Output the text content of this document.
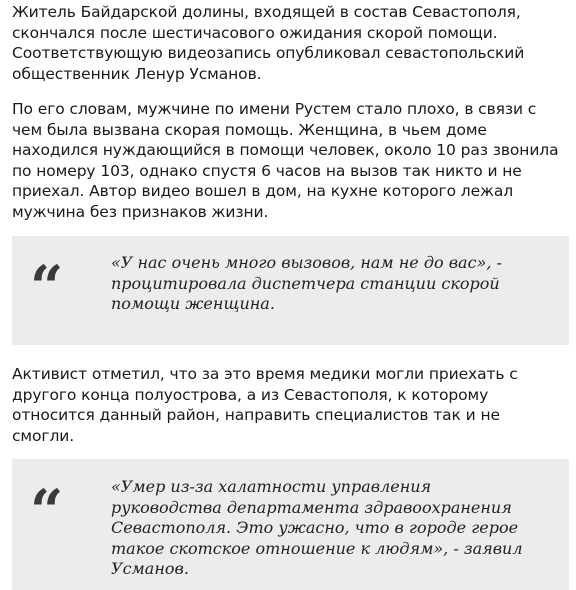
Житель Байдарской долины, входящей в состав Севастополя, скончался после шестичасового ожидания скорой помощи. Соответствующую видеозапись опубликовал севастопольский общественник Ленур Усманов.

По его словам, мужчине по имени Рустем стало плохо, в связи с чем была вызвана скорая помощь. Женщина, в чьем доме находился нуждающийся в помощи человек, около 10 раз звонила по номеру 103, однако спустя 6 часов на вызов так никто и не приехал. Автор видео вошел в дом, на кухне которого лежал мужчина без признаков жизни.

“	«У нас очень много вызовов, нам не до вас», - процитировала диспетчера станции скорой помощи женщина.

Активист отметил, что за это время медики могли приехать с другого конца полуострова, а из Севастополя, к которому относится данный район, направить специалистов так и не смогли.

“	«Умер из-за халатности управления руководства департамента здравоохранения Севастополя. Это ужасно, что в городе герое такое скотское отношение к людям», - заявил Усманов.
